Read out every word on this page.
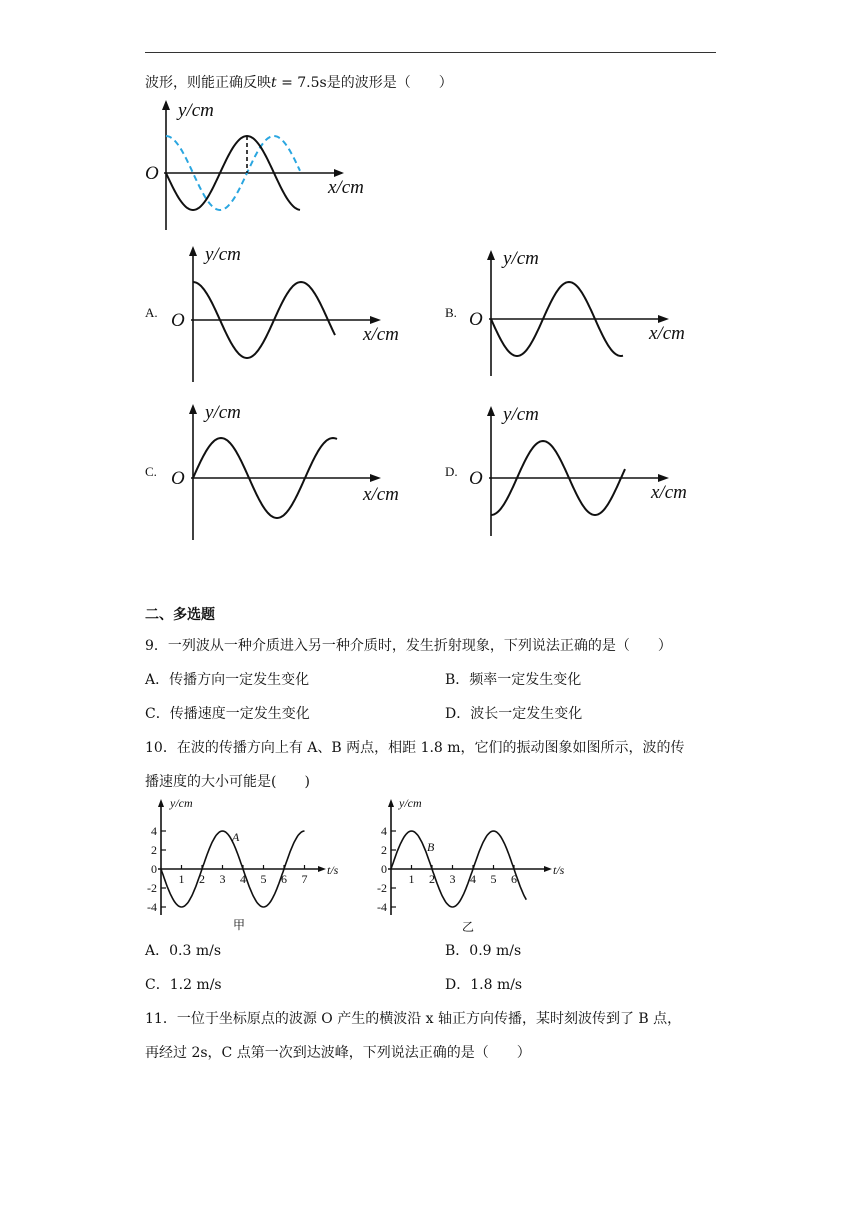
波形，则能正确反映t = 7.5s是的波形是（　　）
y/cm
O
x/cm
A.
y/cm
O
x/cm
B.
y/cm
O
x/cm
C.
y/cm
O
x/cm
D.
y/cm
O
x/cm
二、多选题
9．一列波从一种介质进入另一种介质时，发生折射现象，下列说法正确的是（　　）
A．传播方向一定发生变化	B．频率一定发生变化
C．传播速度一定发生变化	D．波长一定发生变化
10．在波的传播方向上有 A、B 两点，相距 1.8 m，它们的振动图象如图所示，波的传
播速度的大小可能是(　　)
4
2
0
-2
-4
1 2 3 4 5 6 7
y/cm
t/s
A
甲
4
2
0
-2
-4
1 2 3 4 5 6
y/cm
t/s
B
乙
A．0.3 m/s	B．0.9 m/s
C．1.2 m/s	D．1.8 m/s
11．一位于坐标原点的波源 O 产生的横波沿 x 轴正方向传播，某时刻波传到了 B 点，
再经过 2s，C 点第一次到达波峰，下列说法正确的是（　　）
